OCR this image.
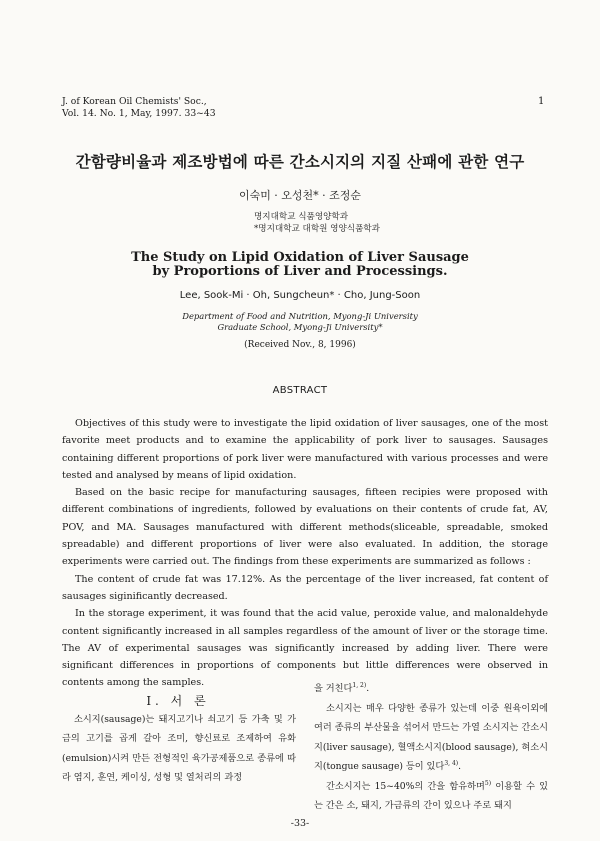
J. of Korean Oil Chemists' Soc.,
Vol. 14. No. 1, May, 1997. 33~43
1
간함량비율과 제조방법에 따른 간소시지의 지질 산패에 관한 연구
이숙미 · 오성천* · 조정순
명지대학교 식품영양학과
*명지대학교 대학원 영양식품학과
The Study on Lipid Oxidation of Liver Sausage
by Proportions of Liver and Processings.
Lee, Sook-Mi · Oh, Sungcheun* · Cho, Jung-Soon
Department of Food and Nutrition, Myong-Ji University
Graduate School, Myong-Ji University*
(Received Nov., 8, 1996)
ABSTRACT

Objectives of this study were to investigate the lipid oxidation of liver sausages, one of the most favorite meet products and to examine the applicability of pork liver to sausages. Sausages containing different proportions of pork liver were manufactured with various processes and were tested and analysed by means of lipid oxidation.

Based on the basic recipe for manufacturing sausages, fifteen recipies were proposed with different combinations of ingredients, followed by evaluations on their contents of crude fat, AV, POV, and MA. Sausages manufactured with different methods(sliceable, spreadable, smoked spreadable) and different proportions of liver were also evaluated. In addition, the storage experiments were carried out. The findings from these experiments are summarized as follows :

The content of crude fat was 17.12%. As the percentage of the liver increased, fat content of sausages siginificantly decreased.

In the storage experiment, it was found that the acid value, peroxide value, and malonaldehyde content significantly increased in all samples regardless of the amount of liver or the storage time. The AV of experimental sausages was significantly increased by adding liver. There were significant differences in proportions of components but little differences were observed in contents among the samples.

I. 서 론

소시지(sausage)는 돼지고기나 쇠고기 등 가축 및 가금의 고기를 곱게 갈아 조미, 향신료로 조제하여 유화(emulsion)시켜 만든 전형적인 육가공제품으로 종류에 따라 염지, 훈연, 케이싱, 성형 및 열처리의 과정

을 거친다$^{1, 2)}$.

소시지는 매우 다양한 종류가 있는데 이중 원육이외에 여러 종류의 부산물을 섞어서 만드는 가열 소시지는 간소시지(liver sausage), 혈액소시지(blood sausage), 혀소시지(tongue sausage) 등이 있다$^{3, 4)}$.

간소시지는 15~40%의 간을 함유하며$^{5)}$ 이용할 수 있는 간은 소, 돼지, 가금류의 간이 있으나 주로 돼지

-33-
